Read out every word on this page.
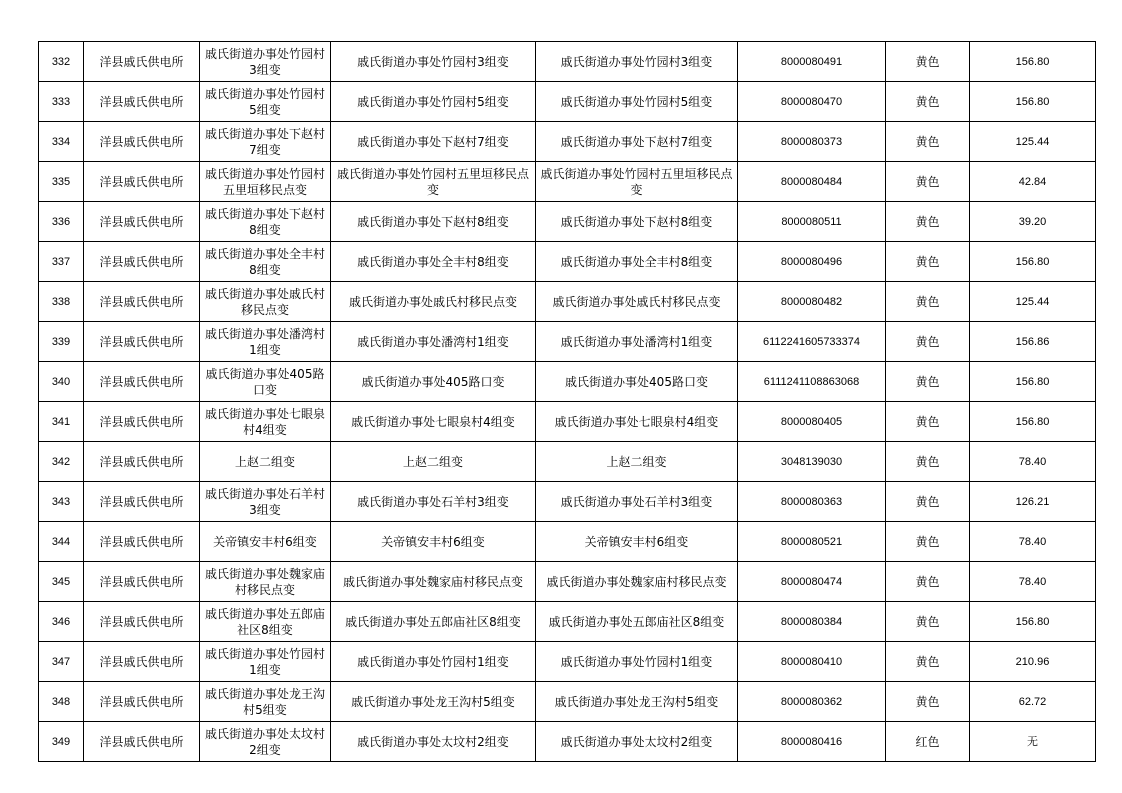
332	洋县戚氏供电所	戚氏街道办事处竹园村3组变	戚氏街道办事处竹园村3组变	戚氏街道办事处竹园村3组变	8000080491	黄色	156.80
333	洋县戚氏供电所	戚氏街道办事处竹园村5组变	戚氏街道办事处竹园村5组变	戚氏街道办事处竹园村5组变	8000080470	黄色	156.80
334	洋县戚氏供电所	戚氏街道办事处下赵村7组变	戚氏街道办事处下赵村7组变	戚氏街道办事处下赵村7组变	8000080373	黄色	125.44
335	洋县戚氏供电所	戚氏街道办事处竹园村五里垣移民点变	戚氏街道办事处竹园村五里垣移民点变	戚氏街道办事处竹园村五里垣移民点变	8000080484	黄色	42.84
336	洋县戚氏供电所	戚氏街道办事处下赵村8组变	戚氏街道办事处下赵村8组变	戚氏街道办事处下赵村8组变	8000080511	黄色	39.20
337	洋县戚氏供电所	戚氏街道办事处全丰村8组变	戚氏街道办事处全丰村8组变	戚氏街道办事处全丰村8组变	8000080496	黄色	156.80
338	洋县戚氏供电所	戚氏街道办事处戚氏村移民点变	戚氏街道办事处戚氏村移民点变	戚氏街道办事处戚氏村移民点变	8000080482	黄色	125.44
339	洋县戚氏供电所	戚氏街道办事处潘湾村1组变	戚氏街道办事处潘湾村1组变	戚氏街道办事处潘湾村1组变	6112241605733374	黄色	156.86
340	洋县戚氏供电所	戚氏街道办事处405路口变	戚氏街道办事处405路口变	戚氏街道办事处405路口变	6111241108863068	黄色	156.80
341	洋县戚氏供电所	戚氏街道办事处七眼泉村4组变	戚氏街道办事处七眼泉村4组变	戚氏街道办事处七眼泉村4组变	8000080405	黄色	156.80
342	洋县戚氏供电所	上赵二组变	上赵二组变	上赵二组变	3048139030	黄色	78.40
343	洋县戚氏供电所	戚氏街道办事处石羊村3组变	戚氏街道办事处石羊村3组变	戚氏街道办事处石羊村3组变	8000080363	黄色	126.21
344	洋县戚氏供电所	关帝镇安丰村6组变	关帝镇安丰村6组变	关帝镇安丰村6组变	8000080521	黄色	78.40
345	洋县戚氏供电所	戚氏街道办事处魏家庙村移民点变	戚氏街道办事处魏家庙村移民点变	戚氏街道办事处魏家庙村移民点变	8000080474	黄色	78.40
346	洋县戚氏供电所	戚氏街道办事处五郎庙社区8组变	戚氏街道办事处五郎庙社区8组变	戚氏街道办事处五郎庙社区8组变	8000080384	黄色	156.80
347	洋县戚氏供电所	戚氏街道办事处竹园村1组变	戚氏街道办事处竹园村1组变	戚氏街道办事处竹园村1组变	8000080410	黄色	210.96
348	洋县戚氏供电所	戚氏街道办事处龙王沟村5组变	戚氏街道办事处龙王沟村5组变	戚氏街道办事处龙王沟村5组变	8000080362	黄色	62.72
349	洋县戚氏供电所	戚氏街道办事处太坟村2组变	戚氏街道办事处太坟村2组变	戚氏街道办事处太坟村2组变	8000080416	红色	无
